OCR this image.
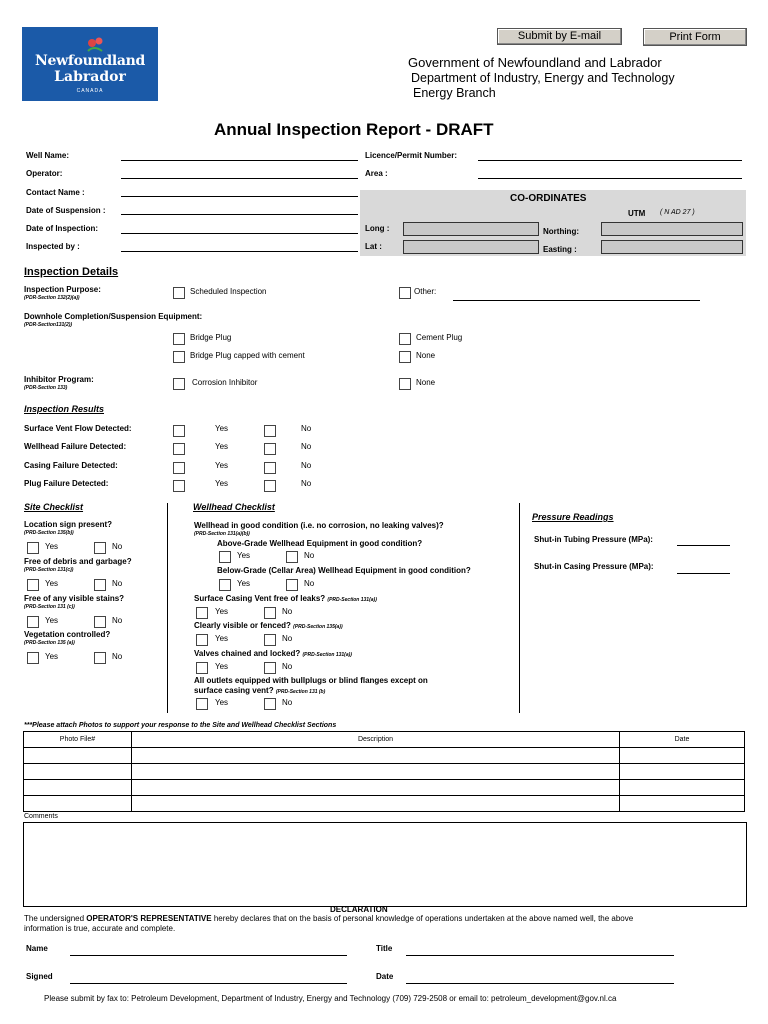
Submit by E-mail	Print Form
Newfoundland
Labrador
CANADA
Government of Newfoundland and Labrador
Department of Industry, Energy and Technology
Energy Branch
Annual Inspection Report - DRAFT
Well Name:
Operator:
Contact Name :
Date of Suspension :
Date of Inspection:
Inspected by :
Licence/Permit Number:
Area :
CO-ORDINATES
UTM ( N AD 27 )
Long :
Lat :
Northing:
Easting :
Inspection Details
Inspection Purpose:
(PDR-Section 132(2)(a))
Scheduled Inspection	Other:
Downhole Completion/Suspension Equipment:
(PDR-Section131(2))
Bridge Plug	Cement Plug
Bridge Plug capped with cement	None
Inhibitor Program:
(PDR-Section 133)
Corrosion Inhibitor	None
Inspection Results
Surface Vent Flow Detected:	Yes	No
Wellhead Failure Detected:	Yes	No
Casing Failure Detected:	Yes	No
Plug Failure Detected:	Yes	No
Site Checklist
Location sign present?
(PRD-Section 135(b))
Yes	No
Free of debris and garbage?
(PRD-Section 131(c))
Yes	No
Free of any visible stains?
(PRD-Section 131 (c))
Yes	No
Vegetation controlled?
(PRD-Section 135 (a))
Yes	No
Wellhead Checklist
Wellhead in good condition (i.e. no corrosion, no leaking valves)?
(PRD-Section 131(a)(b))
Above-Grade Wellhead Equipment in good condition?
Yes	No
Below-Grade (Cellar Area) Wellhead Equipment in good condition?
Yes	No
Surface Casing Vent free of leaks? (PRD-Section 131(a))
Yes	No
Clearly visible or fenced? (PRD-Section 135(a))
Yes	No
Valves chained and locked? (PRD-Section 131(a))
Yes	No
All outlets equipped with bullplugs or blind flanges except on
surface casing vent? (PRD-Section 131 (b)
Yes	No
Pressure Readings
Shut-in Tubing Pressure (MPa):
Shut-in Casing Pressure (MPa):
***Please attach Photos to support your response to the Site and Wellhead Checklist Sections
Photo File#	Description	Date

Comments
DECLARATION
The undersigned OPERATOR'S REPRESENTATIVE hereby declares that on the basis of personal knowledge of operations undertaken at the above named well, the above
information is true, accurate and complete.
Name	Title
Signed	Date
Please submit by fax to: Petroleum Development, Department of Industry, Energy and Technology (709) 729-2508 or email to: petroleum_development@gov.nl.ca
